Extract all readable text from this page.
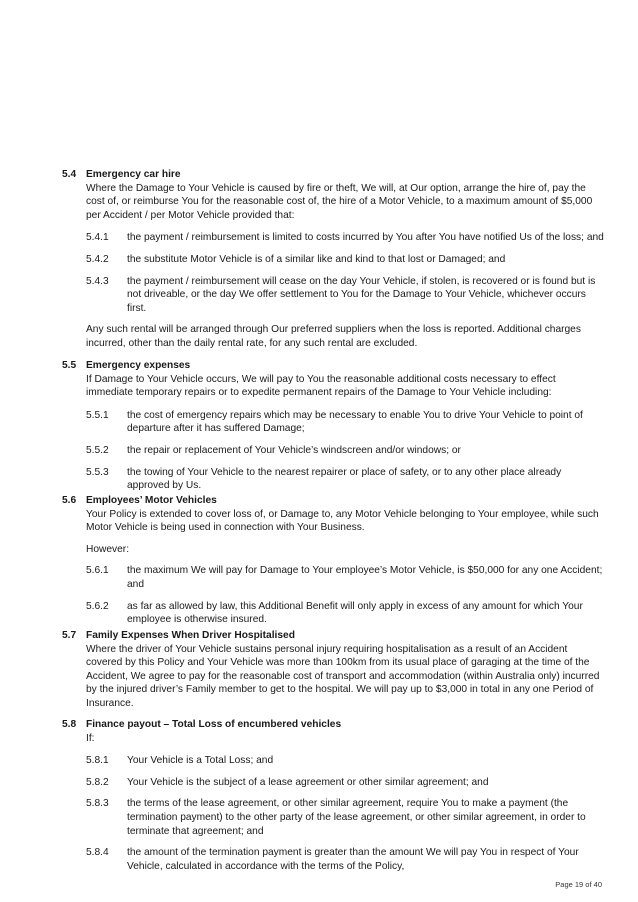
5.4 Emergency car hire

Where the Damage to Your Vehicle is caused by fire or theft, We will, at Our option, arrange the hire of, pay the cost of, or reimburse You for the reasonable cost of, the hire of a Motor Vehicle, to a maximum amount of $5,000 per Accident / per Motor Vehicle provided that:

5.4.1	the payment / reimbursement is limited to costs incurred by You after You have notified Us of the loss; and
5.4.2	the substitute Motor Vehicle is of a similar like and kind to that lost or Damaged; and
5.4.3	the payment / reimbursement will cease on the day Your Vehicle, if stolen, is recovered or is found but is not driveable, or the day We offer settlement to You for the Damage to Your Vehicle, whichever occurs first.

Any such rental will be arranged through Our preferred suppliers when the loss is reported. Additional charges incurred, other than the daily rental rate, for any such rental are excluded.

5.5 Emergency expenses

If Damage to Your Vehicle occurs, We will pay to You the reasonable additional costs necessary to effect immediate temporary repairs or to expedite permanent repairs of the Damage to Your Vehicle including:

5.5.1	the cost of emergency repairs which may be necessary to enable You to drive Your Vehicle to point of departure after it has suffered Damage;
5.5.2	the repair or replacement of Your Vehicle’s windscreen and/or windows; or
5.5.3	the towing of Your Vehicle to the nearest repairer or place of safety, or to any other place already approved by Us.
5.6 Employees’ Motor Vehicles

Your Policy is extended to cover loss of, or Damage to, any Motor Vehicle belonging to Your employee, while such Motor Vehicle is being used in connection with Your Business.

However:

5.6.1	the maximum We will pay for Damage to Your employee’s Motor Vehicle, is $50,000 for any one Accident; and
5.6.2	as far as allowed by law, this Additional Benefit will only apply in excess of any amount for which Your employee is otherwise insured.
5.7 Family Expenses When Driver Hospitalised

Where the driver of Your Vehicle sustains personal injury requiring hospitalisation as a result of an Accident covered by this Policy and Your Vehicle was more than 100km from its usual place of garaging at the time of the Accident, We agree to pay for the reasonable cost of transport and accommodation (within Australia only) incurred by the injured driver’s Family member to get to the hospital. We will pay up to $3,000 in total in any one Period of Insurance.

5.8 Finance payout – Total Loss of encumbered vehicles

If:

5.8.1	Your Vehicle is a Total Loss; and
5.8.2	Your Vehicle is the subject of a lease agreement or other similar agreement; and
5.8.3	the terms of the lease agreement, or other similar agreement, require You to make a payment (the termination payment) to the other party of the lease agreement, or other similar agreement, in order to terminate that agreement; and
5.8.4	the amount of the termination payment is greater than the amount We will pay You in respect of Your Vehicle, calculated in accordance with the terms of the Policy,
Page 19 of 40
